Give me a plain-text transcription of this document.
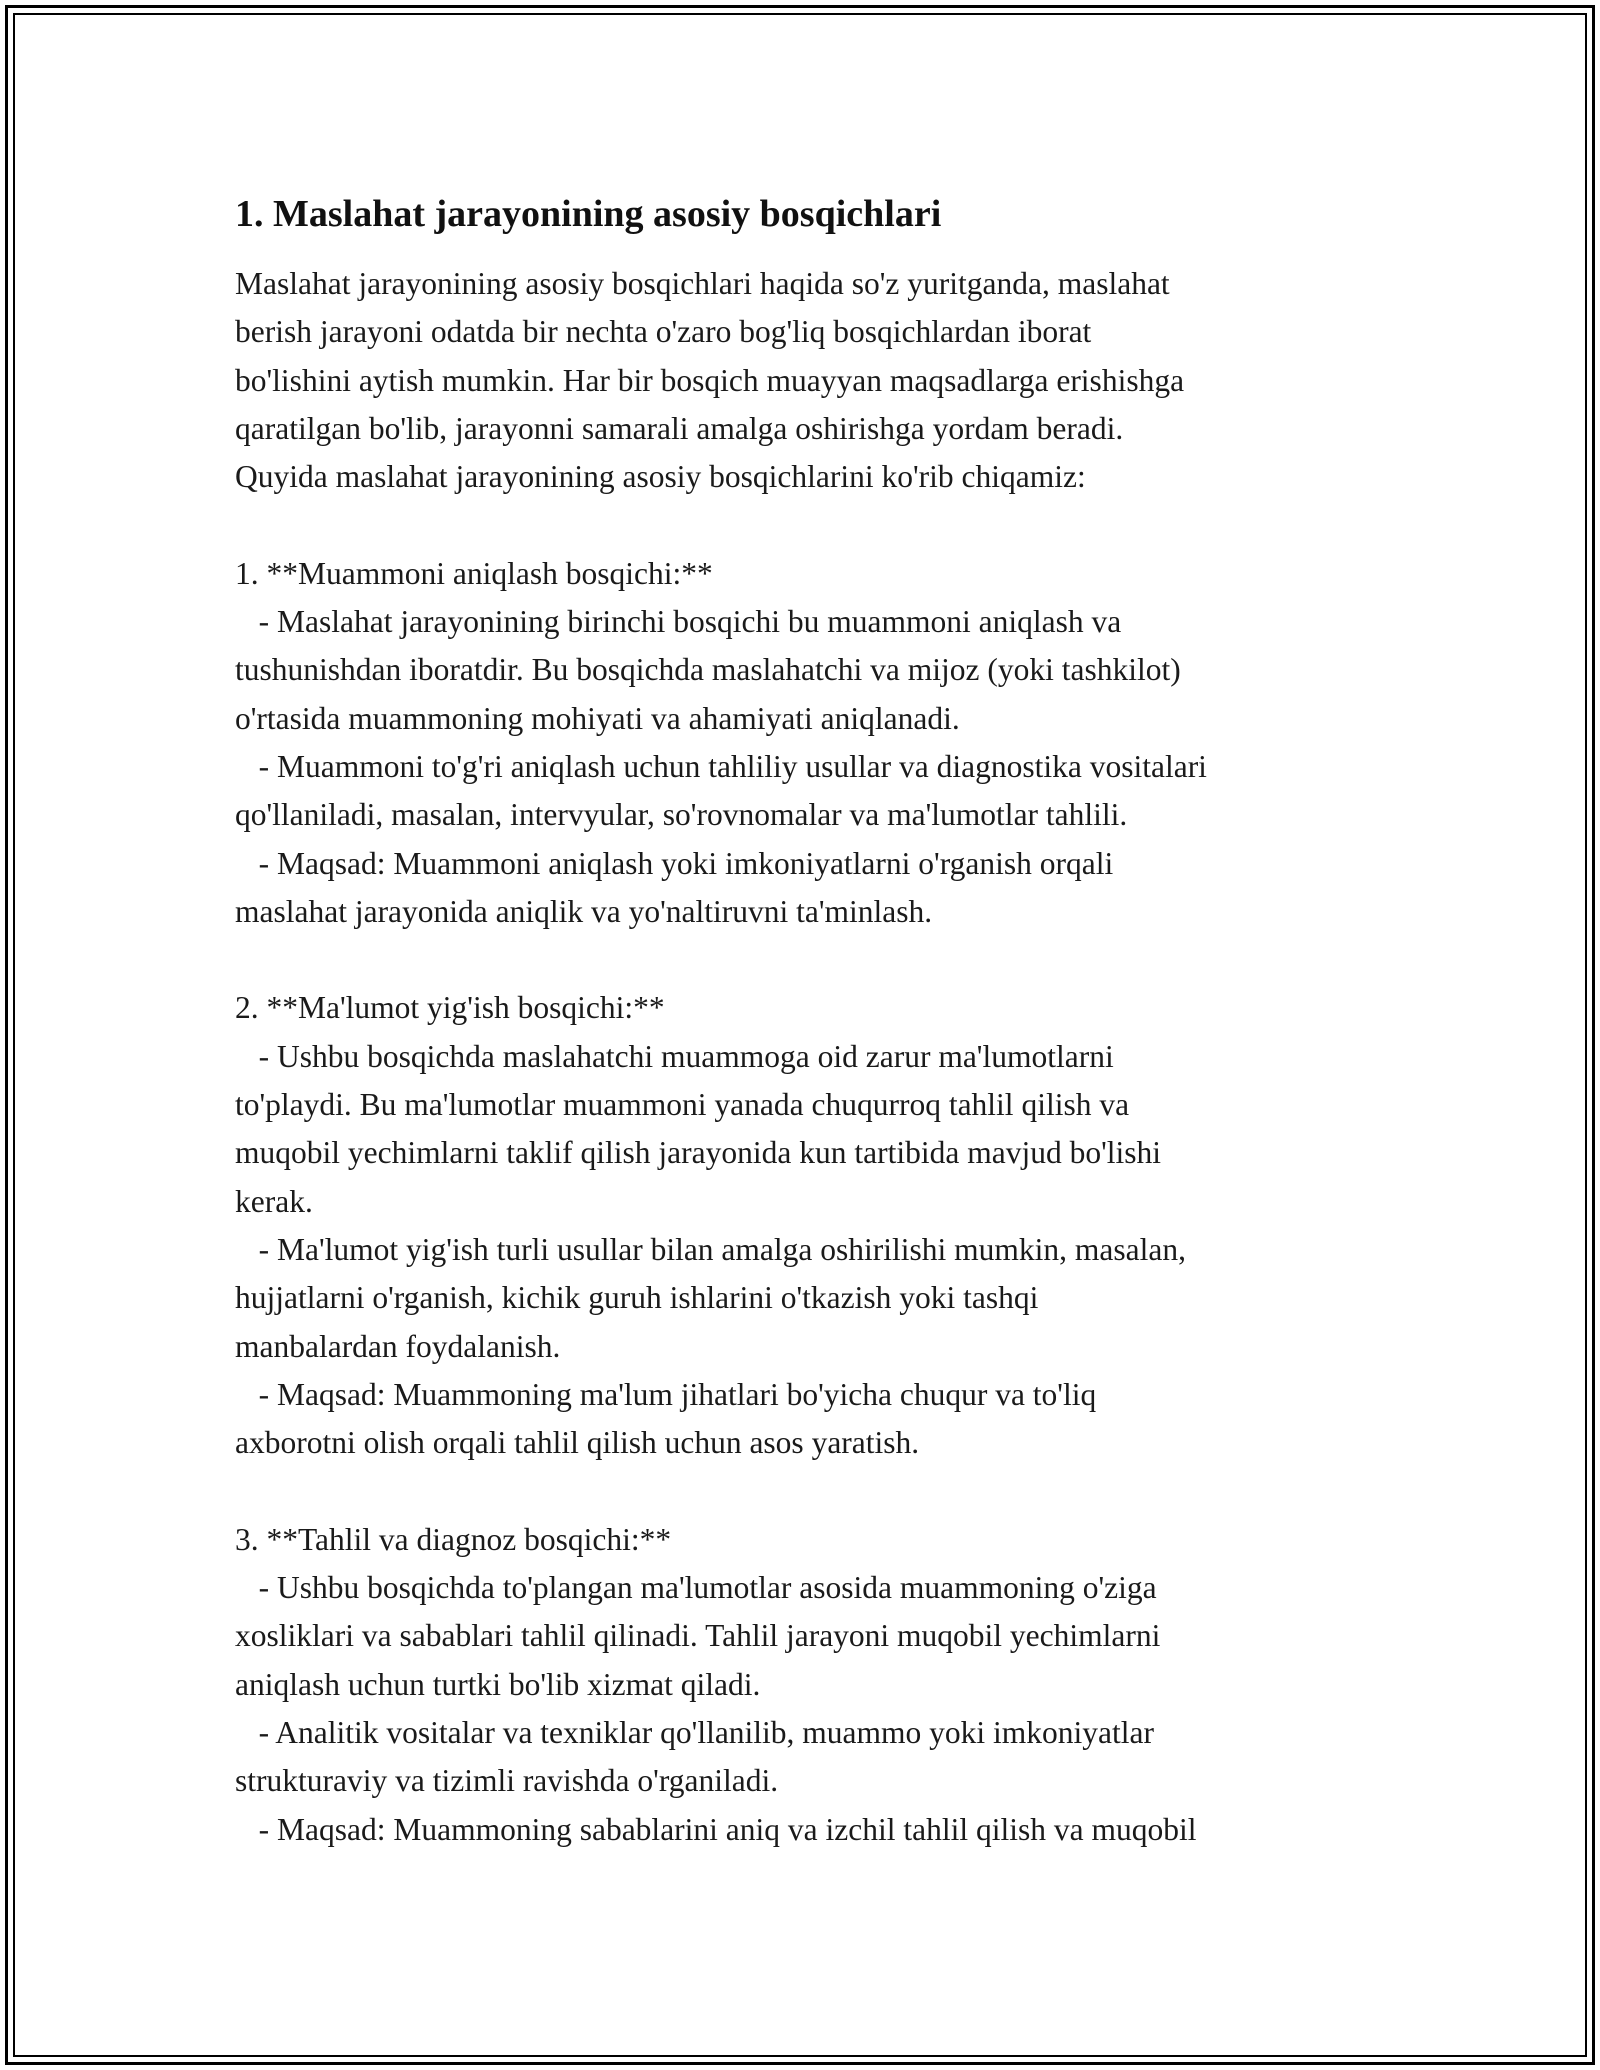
1. Maslahat jarayonining asosiy bosqichlari
Maslahat jarayonining asosiy bosqichlari haqida so'z yuritganda, maslahat
berish jarayoni odatda bir nechta o'zaro bog'liq bosqichlardan iborat
bo'lishini aytish mumkin. Har bir bosqich muayyan maqsadlarga erishishga
qaratilgan bo'lib, jarayonni samarali amalga oshirishga yordam beradi.
Quyida maslahat jarayonining asosiy bosqichlarini ko'rib chiqamiz:
1. **Muammoni aniqlash bosqichi:**
- Maslahat jarayonining birinchi bosqichi bu muammoni aniqlash va
tushunishdan iboratdir. Bu bosqichda maslahatchi va mijoz (yoki tashkilot)
o'rtasida muammoning mohiyati va ahamiyati aniqlanadi.
- Muammoni to'g'ri aniqlash uchun tahliliy usullar va diagnostika vositalari
qo'llaniladi, masalan, intervyular, so'rovnomalar va ma'lumotlar tahlili.
- Maqsad: Muammoni aniqlash yoki imkoniyatlarni o'rganish orqali
maslahat jarayonida aniqlik va yo'naltiruvni ta'minlash.
2. **Ma'lumot yig'ish bosqichi:**
- Ushbu bosqichda maslahatchi muammoga oid zarur ma'lumotlarni
to'playdi. Bu ma'lumotlar muammoni yanada chuqurroq tahlil qilish va
muqobil yechimlarni taklif qilish jarayonida kun tartibida mavjud bo'lishi
kerak.
- Ma'lumot yig'ish turli usullar bilan amalga oshirilishi mumkin, masalan,
hujjatlarni o'rganish, kichik guruh ishlarini o'tkazish yoki tashqi
manbalardan foydalanish.
- Maqsad: Muammoning ma'lum jihatlari bo'yicha chuqur va to'liq
axborotni olish orqali tahlil qilish uchun asos yaratish.
3. **Tahlil va diagnoz bosqichi:**
- Ushbu bosqichda to'plangan ma'lumotlar asosida muammoning o'ziga
xosliklari va sabablari tahlil qilinadi. Tahlil jarayoni muqobil yechimlarni
aniqlash uchun turtki bo'lib xizmat qiladi.
- Analitik vositalar va texniklar qo'llanilib, muammo yoki imkoniyatlar
strukturaviy va tizimli ravishda o'rganiladi.
- Maqsad: Muammoning sabablarini aniq va izchil tahlil qilish va muqobil
